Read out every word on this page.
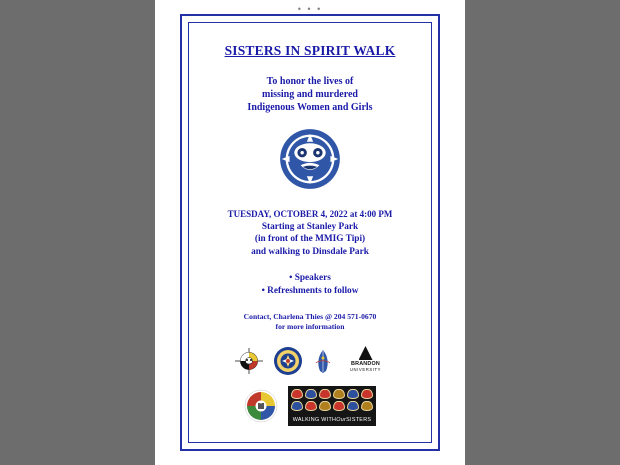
• • •
SISTERS IN SPIRIT WALK
To honor the lives of
missing and murdered
Indigenous Women and Girls
TUESDAY, OCTOBER 4, 2022 at 4:00 PM
Starting at Stanley Park
(in front of the MMIG Tipi)
and walking to Dinsdale Park
• Speakers
• Refreshments to follow
Contact, Charlena Thies @ 204 571-0670
for more information
BRANDON
UNIVERSITY
WALKING WITHOurSISTERS
